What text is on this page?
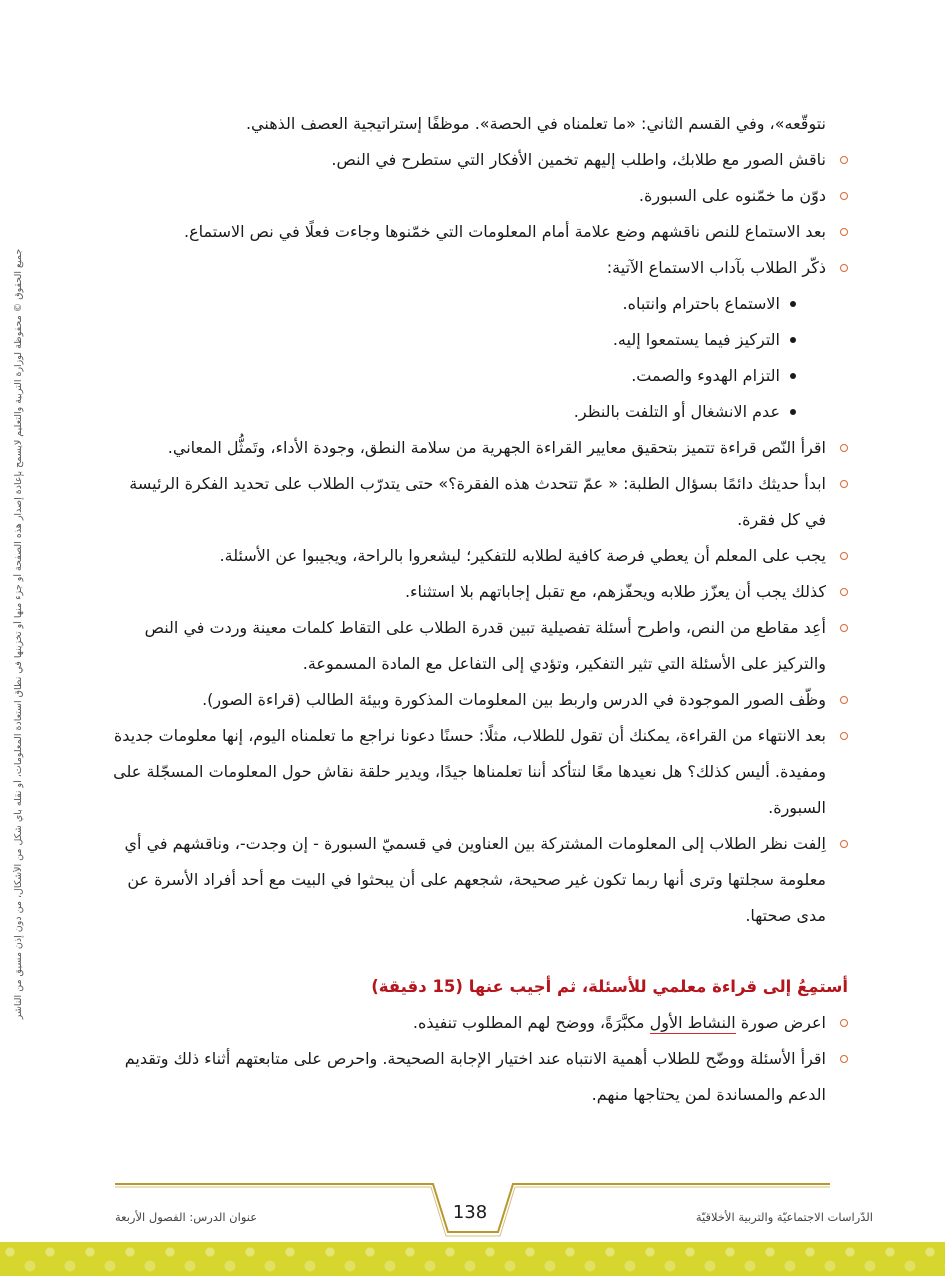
جميع الحقوق © محفوظة لوزارة التربية والتعليم لايسمح بإعادة إصدار هذه الصفحة أو جزء منها أو تخزينها في نطاق استعادة المعلومات، أو نقله بأي شكل من الأشكال، من دون إذن مسبق من الناشر

نتوقّعه»، وفي القسم الثاني: «ما تعلمناه في الحصة». موظفًا إستراتيجية العصف الذهني.

ناقش الصور مع طلابك، واطلب إليهم تخمين الأفكار التي ستطرح في النص.
دوّن ما خمّنوه على السبورة.
بعد الاستماع للنص ناقشهم وضع علامة أمام المعلومات التي خمّنوها وجاءت فعلًا في نص الاستماع.
ذكّر الطلاب بآداب الاستماع الآتية:
الاستماع باحترام وانتباه.
التركيز فيما يستمعوا إليه.
التزام الهدوء والصمت.
عدم الانشغال أو التلفت بالنظر.
اقرأ النّص قراءة تتميز بتحقيق معايير القراءة الجهرية من سلامة النطق، وجودة الأداء، وتَمثُّل المعاني.
ابدأ حديثك دائمًا بسؤال الطلبة: « عمّ تتحدث هذه الفقرة؟» حتى يتدرّب الطلاب على تحديد الفكرة الرئيسة في كل فقرة.
يجب على المعلم أن يعطي فرصة كافية لطلابه للتفكير؛ ليشعروا بالراحة، ويجيبوا عن الأسئلة.
كذلك يجب أن يعزّز طلابه ويحفّزهم، مع تقبل إجاباتهم بلا استثناء.
أعِد مقاطع من النص، واطرح أسئلة تفصيلية تبين قدرة الطلاب على التقاط كلمات معينة وردت في النص والتركيز على الأسئلة التي تثير التفكير، وتؤدي إلى التفاعل مع المادة المسموعة.
وظّف الصور الموجودة في الدرس واربط بين المعلومات المذكورة وبيئة الطالب (قراءة الصور).
بعد الانتهاء من القراءة، يمكنك أن تقول للطلاب، مثلًا: حسنًا دعونا نراجع ما تعلمناه اليوم، إنها معلومات جديدة ومفيدة. أليس كذلك؟ هل نعيدها معًا لنتأكد أننا تعلمناها جيدًا، ويدير حلقة نقاش حول المعلومات المسجّلة على السبورة.
اِلفت نظر الطلاب إلى المعلومات المشتركة بين العناوين في قسميّ السبورة - إن وجدت-، وناقشهم في أي معلومة سجلتها وترى أنها ربما تكون غير صحيحة، شجعهم على أن يبحثوا في البيت مع أحد أفراد الأسرة عن مدى صحتها.
أستمِعُ إلى قراءة معلمي للأسئلة، ثم أجيب عنها (15 دقيقة)
اعرض صورة النشاط الأول مكبَّرَةً، ووضح لهم المطلوب تنفيذه.
اقرأ الأسئلة ووضّح للطلاب أهمية الانتباه عند اختيار الإجابة الصحيحة. واحرص على متابعتهم أثناء ذلك وتقديم الدعم والمساندة لمن يحتاجها منهم.
138	الدّراسات الاجتماعيّة والتربية الأخلاقيّة
عنوان الدرس: الفصول الأربعة
